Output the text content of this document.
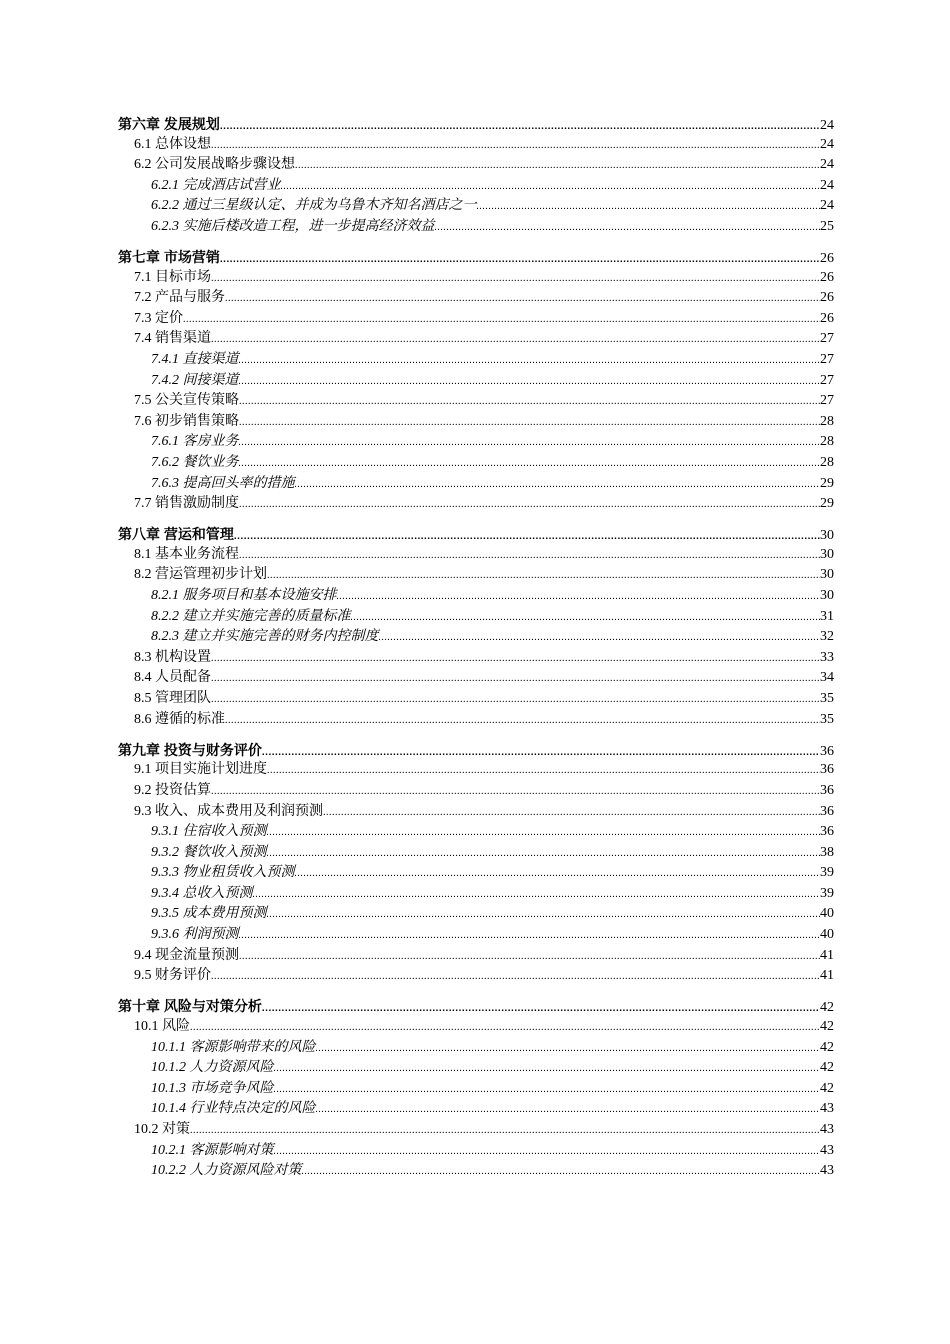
第六章 发展规划 .....	24
6.1 总体设想 .....	24
6.2 公司发展战略步骤设想 .....	24
6.2.1 完成酒店试营业 .....	24
6.2.2 通过三星级认定、并成为乌鲁木齐知名酒店之一 .....	24
6.2.3 实施后楼改造工程，进一步提高经济效益 .....	25
第七章 市场营销 .....	26
7.1 目标市场 .....	26
7.2 产品与服务 .....	26
7.3 定价 .....	26
7.4 销售渠道 .....	27
7.4.1 直接渠道 .....	27
7.4.2 间接渠道 .....	27
7.5 公关宣传策略 .....	27
7.6 初步销售策略 .....	28
7.6.1 客房业务 .....	28
7.6.2 餐饮业务 .....	28
7.6.3 提高回头率的措施 .....	29
7.7 销售激励制度 .....	29
第八章 营运和管理 .....	30
8.1 基本业务流程 .....	30
8.2 营运管理初步计划 .....	30
8.2.1 服务项目和基本设施安排 .....	30
8.2.2 建立并实施完善的质量标准 .....	31
8.2.3 建立并实施完善的财务内控制度 .....	32
8.3 机构设置 .....	33
8.4 人员配备 .....	34
8.5 管理团队 .....	35
8.6 遵循的标准 .....	35
第九章 投资与财务评价 .....	36
9.1 项目实施计划进度 .....	36
9.2 投资估算 .....	36
9.3 收入、成本费用及利润预测 .....	36
9.3.1 住宿收入预测 .....	36
9.3.2 餐饮收入预测 .....	38
9.3.3 物业租赁收入预测 .....	39
9.3.4 总收入预测 .....	39
9.3.5 成本费用预测 .....	40
9.3.6 利润预测 .....	40
9.4 现金流量预测 .....	41
9.5 财务评价 .....	41
第十章 风险与对策分析 .....	42
10.1 风险 .....	42
10.1.1 客源影响带来的风险 .....	42
10.1.2 人力资源风险 .....	42
10.1.3 市场竞争风险 .....	42
10.1.4 行业特点决定的风险 .....	43
10.2 对策 .....	43
10.2.1 客源影响对策 .....	43
10.2.2 人力资源风险对策 .....	43
